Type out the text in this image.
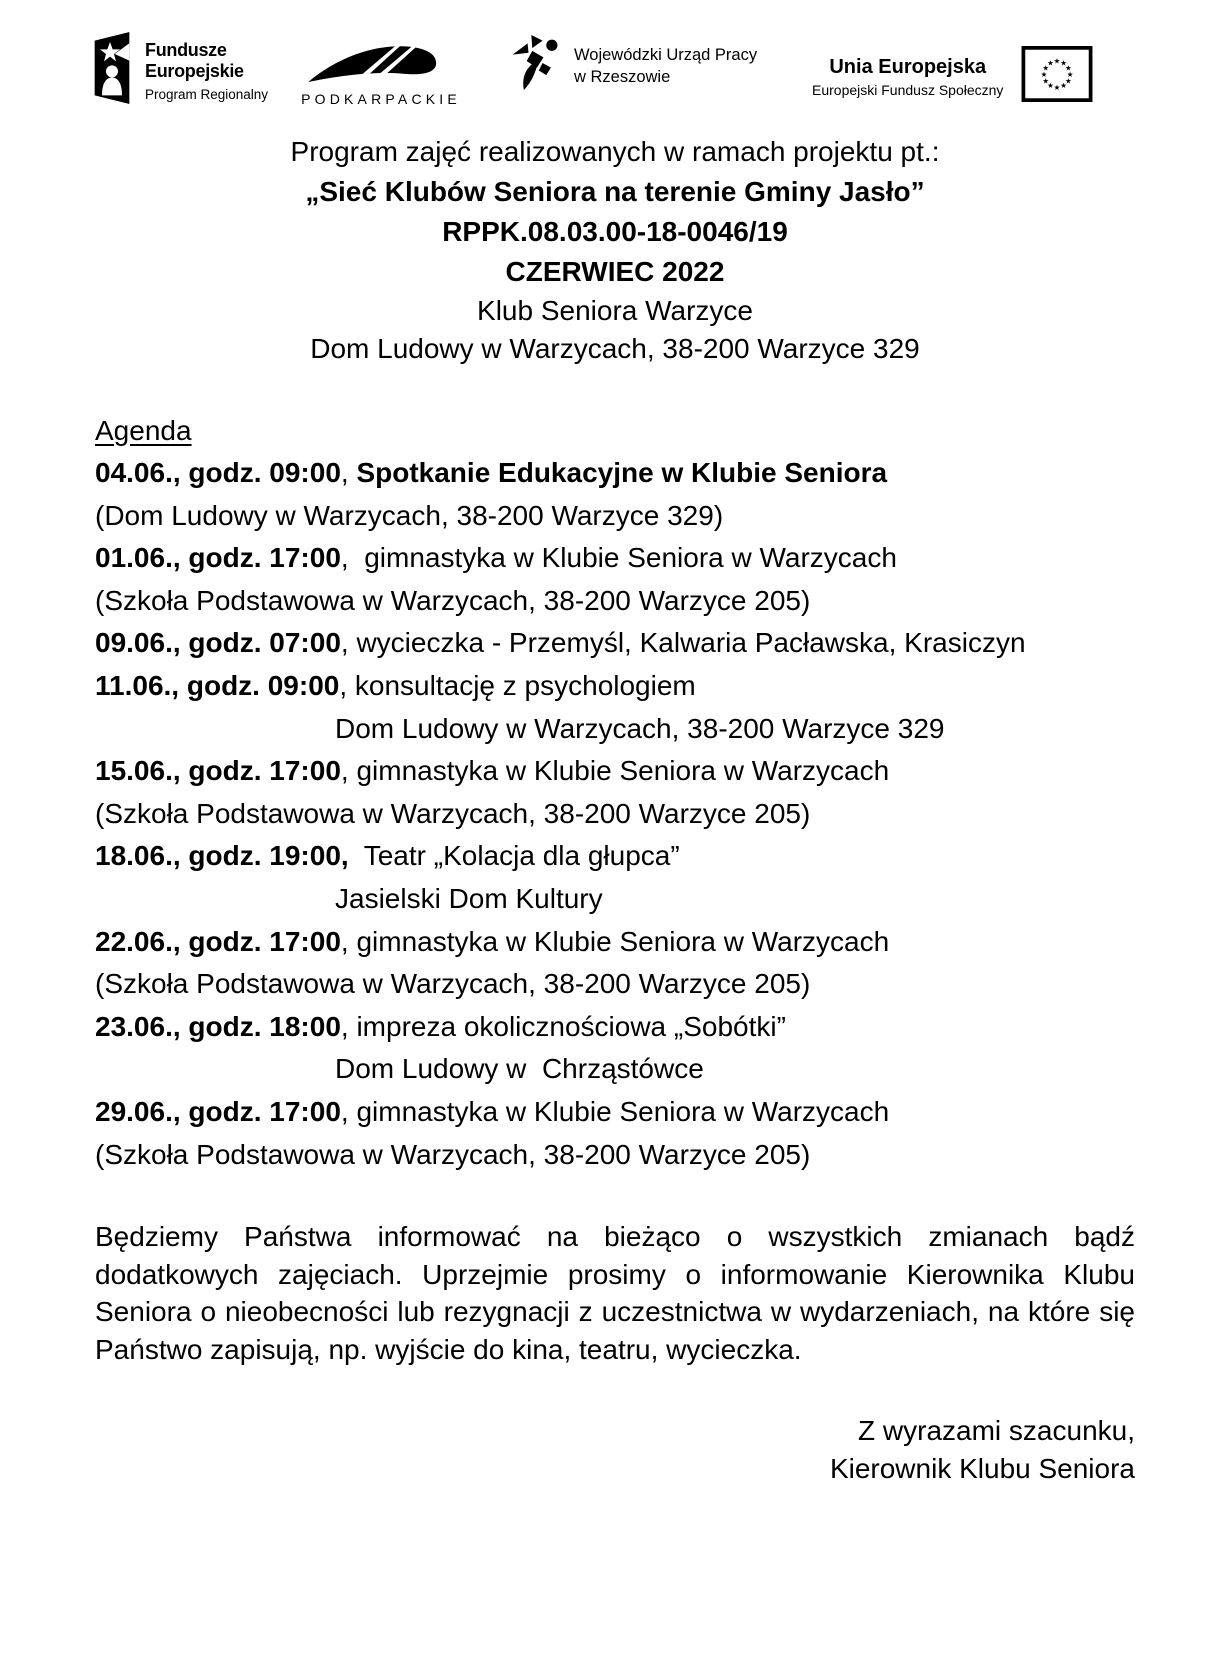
Fundusze
Europejskie
Program Regionalny	PODKARPACKIE
Wojewódzki Urząd Pracy
w Rzeszowie	Unia Europejska
Europejski Fundusz Społeczny
★ ★
★
★
★
★
★
★
★
★
★
★
Program zajęć realizowanych w ramach projektu pt.:
„Sieć Klubów Seniora na terenie Gminy Jasło”
RPPK.08.03.00-18-0046/19
CZERWIEC 2022
Klub Seniora Warzyce
Dom Ludowy w Warzycach, 38-200 Warzyce 329
Agenda
04.06., godz. 09:00, Spotkanie Edukacyjne w Klubie Seniora
(Dom Ludowy w Warzycach, 38-200 Warzyce 329)
01.06., godz. 17:00,  gimnastyka w Klubie Seniora w Warzycach
(Szkoła Podstawowa w Warzycach, 38-200 Warzyce 205)
09.06., godz. 07:00, wycieczka - Przemyśl, Kalwaria Pacławska, Krasiczyn
11.06., godz. 09:00, konsultację z psychologiem
Dom Ludowy w Warzycach, 38-200 Warzyce 329
15.06., godz. 17:00, gimnastyka w Klubie Seniora w Warzycach
(Szkoła Podstawowa w Warzycach, 38-200 Warzyce 205)
18.06., godz. 19:00,  Teatr „Kolacja dla głupca”
Jasielski Dom Kultury
22.06., godz. 17:00, gimnastyka w Klubie Seniora w Warzycach
(Szkoła Podstawowa w Warzycach, 38-200 Warzyce 205)
23.06., godz. 18:00, impreza okolicznościowa „Sobótki”
Dom Ludowy w  Chrząstówce
29.06., godz. 17:00, gimnastyka w Klubie Seniora w Warzycach
(Szkoła Podstawowa w Warzycach, 38-200 Warzyce 205)
Będziemy Państwa informować na bieżąco o wszystkich zmianach bądź dodatkowych zajęciach. Uprzejmie prosimy o informowanie Kierownika Klubu Seniora o nieobecności lub rezygnacji z uczestnictwa w wydarzeniach, na które się Państwo zapisują, np. wyjście do kina, teatru, wycieczka.
Z wyrazami szacunku,
Kierownik Klubu Seniora
